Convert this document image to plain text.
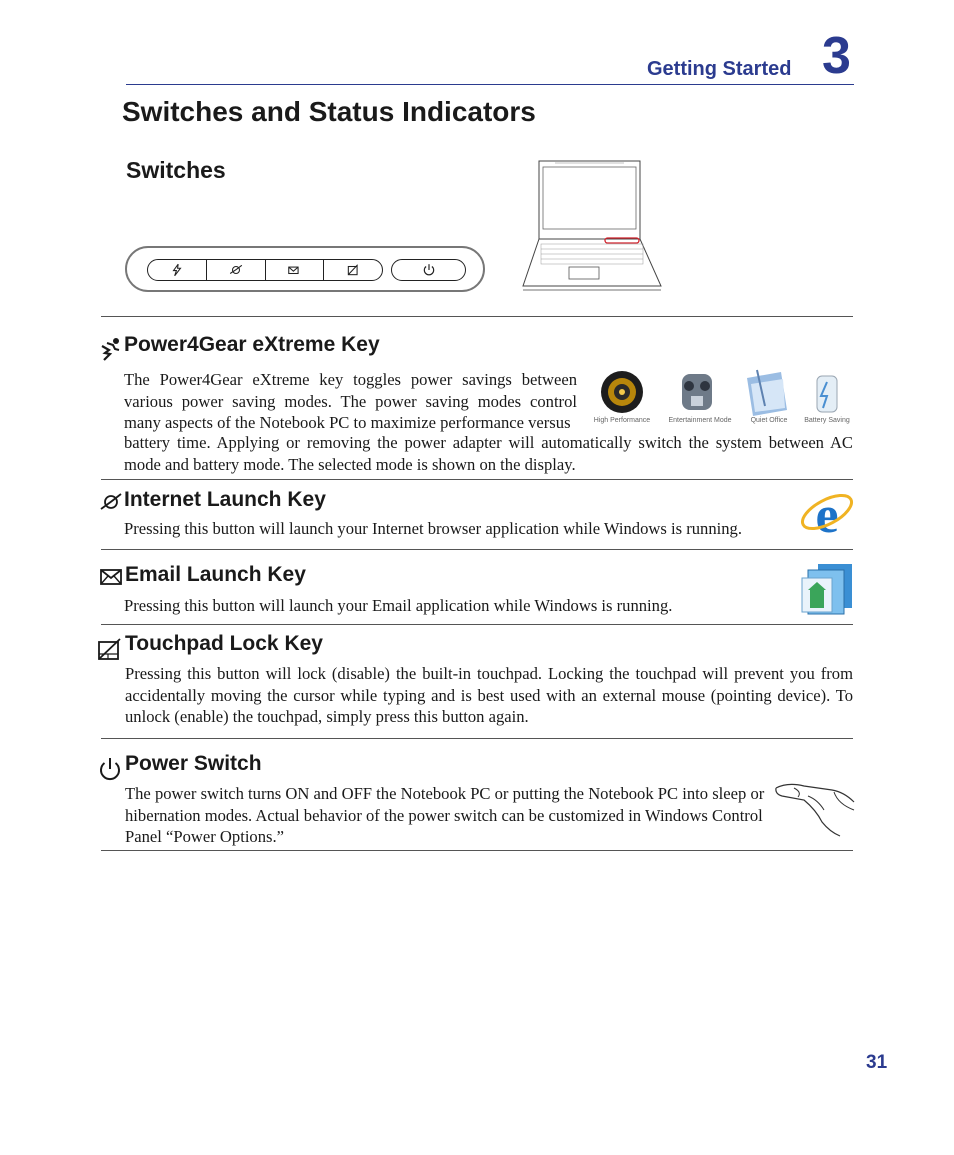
Getting Started 3
Switches and Status Indicators
Switches
Power4Gear eXtreme Key
The Power4Gear eXtreme key toggles power savings between various power saving modes. The power saving modes control many aspects of the Notebook PC to maximize performance versus
battery time. Applying or removing the power adapter will automatically switch the system between AC mode and battery mode. The selected mode is shown on the display.
High Performance	Entertainment Mode	Quiet Office Battery Saving
Internet Launch Key
Pressing this button will launch your Internet browser application while Windows is running.	e
Email Launch Key
Pressing this button will launch your Email application while Windows is running.
Touchpad Lock Key
Pressing this button will lock (disable) the built-in touchpad. Locking the touchpad will prevent you from accidentally moving the cursor while typing and is best used with an external mouse (pointing device). To unlock (enable) the touchpad, simply press this button again.
Power Switch
The power switch turns ON and OFF the Notebook PC or putting the Notebook PC into sleep or hibernation modes. Actual behavior of the power switch can be customized in Windows Control Panel “Power Options.”
31
